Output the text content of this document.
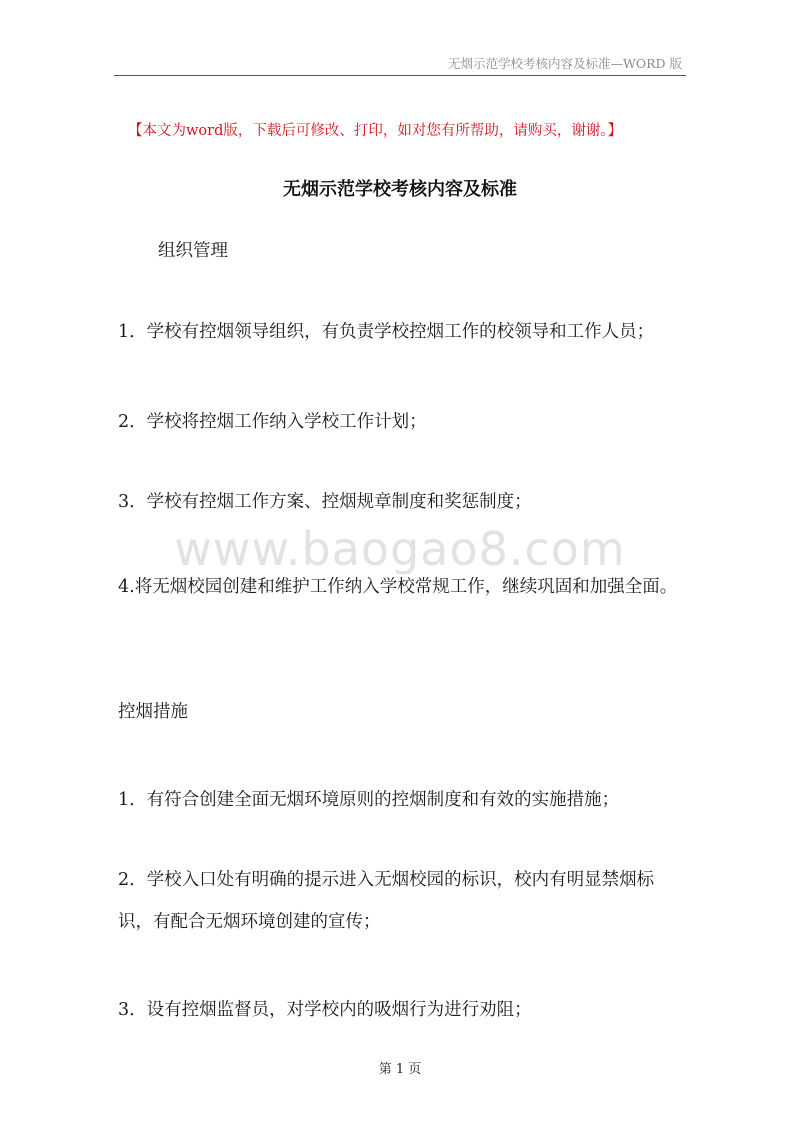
无烟示范学校考核内容及标准—WORD 版
【本文为word版，下载后可修改、打印，如对您有所帮助，请购买，谢谢。】
无烟示范学校考核内容及标准
组织管理
1．学校有控烟领导组织，有负责学校控烟工作的校领导和工作人员；
2．学校将控烟工作纳入学校工作计划；
3．学校有控烟工作方案、控烟规章制度和奖惩制度；
4.将无烟校园创建和维护工作纳入学校常规工作，继续巩固和加强全面。
www.baogao8.com
控烟措施
1．有符合创建全面无烟环境原则的控烟制度和有效的实施措施；
2．学校入口处有明确的提示进入无烟校园的标识，校内有明显禁烟标识，有配合无烟环境创建的宣传；
3．设有控烟监督员，对学校内的吸烟行为进行劝阻；
第 1 页
